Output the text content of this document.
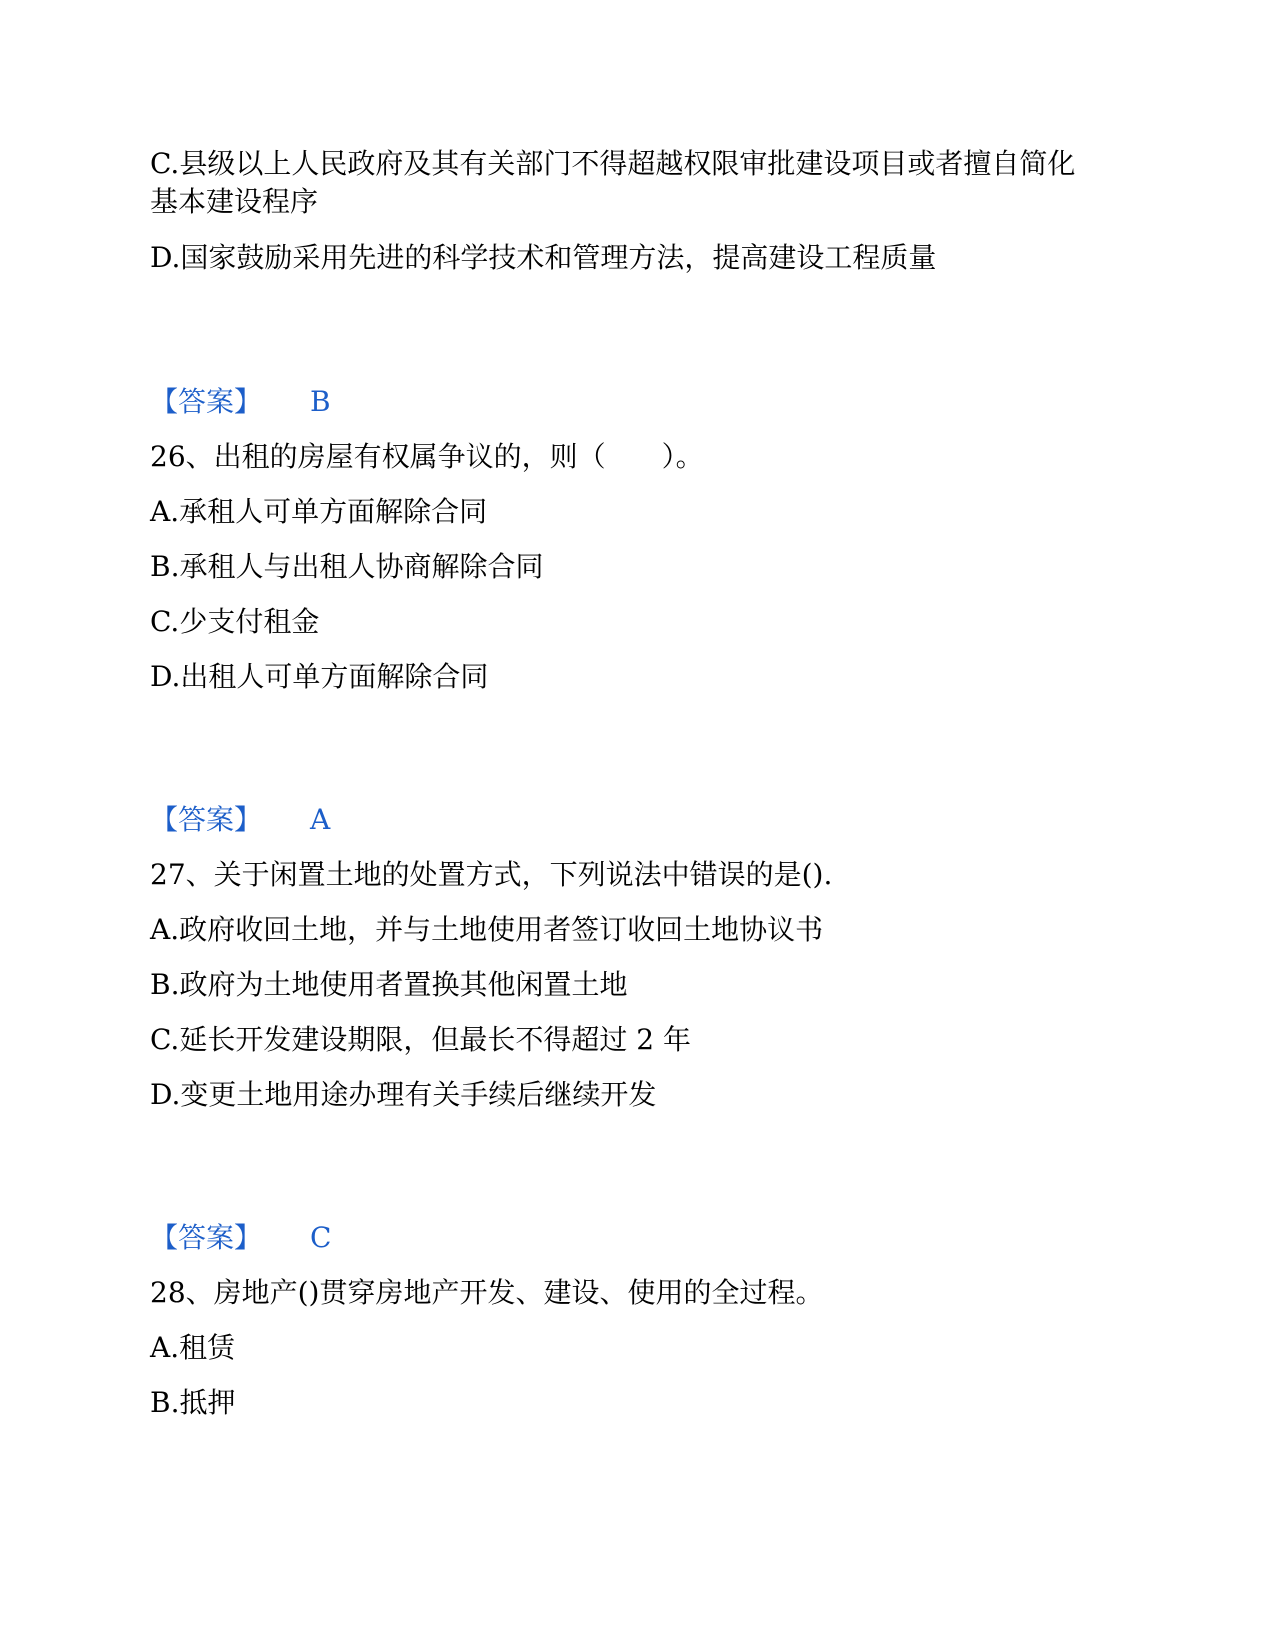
C.县级以上人民政府及其有关部门不得超越权限审批建设项目或者擅自简化
基本建设程序
D.国家鼓励采用先进的科学技术和管理方法，提高建设工程质量
【答案】 B
26、出租的房屋有权属争议的，则（　　）。
A.承租人可单方面解除合同
B.承租人与出租人协商解除合同
C.少支付租金
D.出租人可单方面解除合同
【答案】 A
27、关于闲置土地的处置方式，下列说法中错误的是().
A.政府收回土地，并与土地使用者签订收回土地协议书
B.政府为土地使用者置换其他闲置土地
C.延长开发建设期限，但最长不得超过 2 年
D.变更土地用途办理有关手续后继续开发
【答案】 C
28、房地产()贯穿房地产开发、建设、使用的全过程。
A.租赁
B.抵押
